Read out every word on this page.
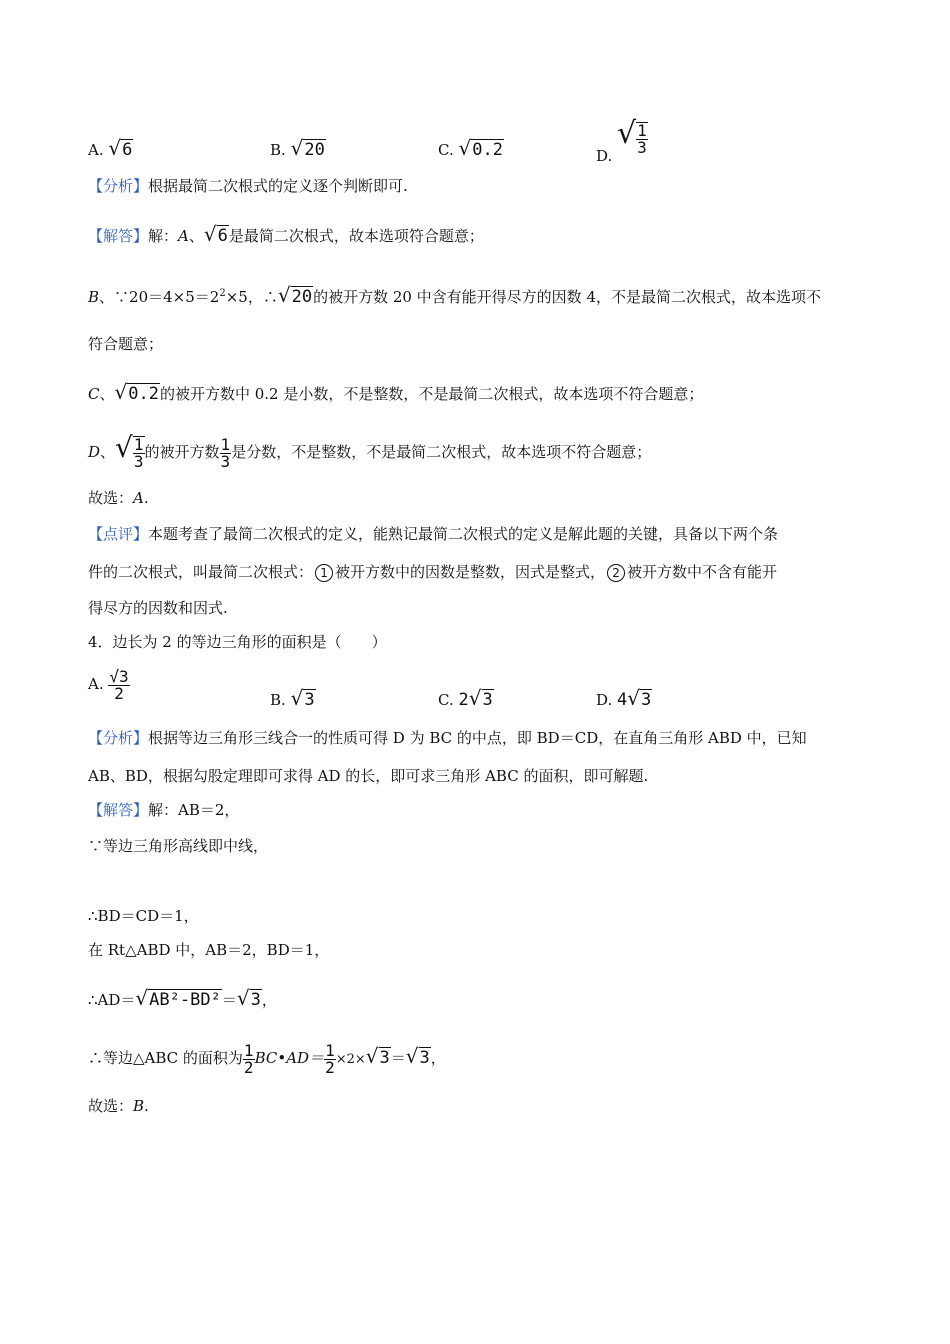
A. √6	B. √20	C. √0.2	D. √ $\frac{1}{3}$
【分析】根据最简二次根式的定义逐个判断即可.
【解答】解：A、√6是最简二次根式，故本选项符合题意；
B、$\because 20=4\times 5=2^2\times 5$，∴√20的被开方数 20 中含有能开得尽方的因数 4，不是最简二次根式，故本选项不
符合题意；
C、√0.2的被开方数中 0.2 是小数，不是整数，不是最简二次根式，故本选项不符合题意；
D、√ $\frac{1}{3}$ 的被开方数 $\frac{1}{3}$ 是分数，不是整数，不是最简二次根式，故本选项不符合题意；
故选：A.
【点评】本题考查了最简二次根式的定义，能熟记最简二次根式的定义是解此题的关键，具备以下两个条
件的二次根式，叫最简二次根式： 1 被开方数中的因数是整数，因式是整式， 2 被开方数中不含有能开
得尽方的因数和因式.
4．边长为 2 的等边三角形的面积是（　　）
A. $\frac{√3}{2}$	B. √3	C. 2√3	D. 4√3
【分析】根据等边三角形三线合一的性质可得 D 为 BC 的中点，即 BD＝CD，在直角三角形 ABD 中，已知
AB、BD，根据勾股定理即可求得 AD 的长，即可求三角形 ABC 的面积，即可解题.
【解答】解：AB＝2，
∵等边三角形高线即中线，
∴BD＝CD＝1，
在 Rt△ABD 中，AB＝2，BD＝1，
∴AD＝√AB²-BD²＝√3，
∴等边△ABC 的面积为 $\frac{1}{2}$ BC•AD＝ $\frac{1}{2} \times 2\times√3=√3$，
故选：B.
